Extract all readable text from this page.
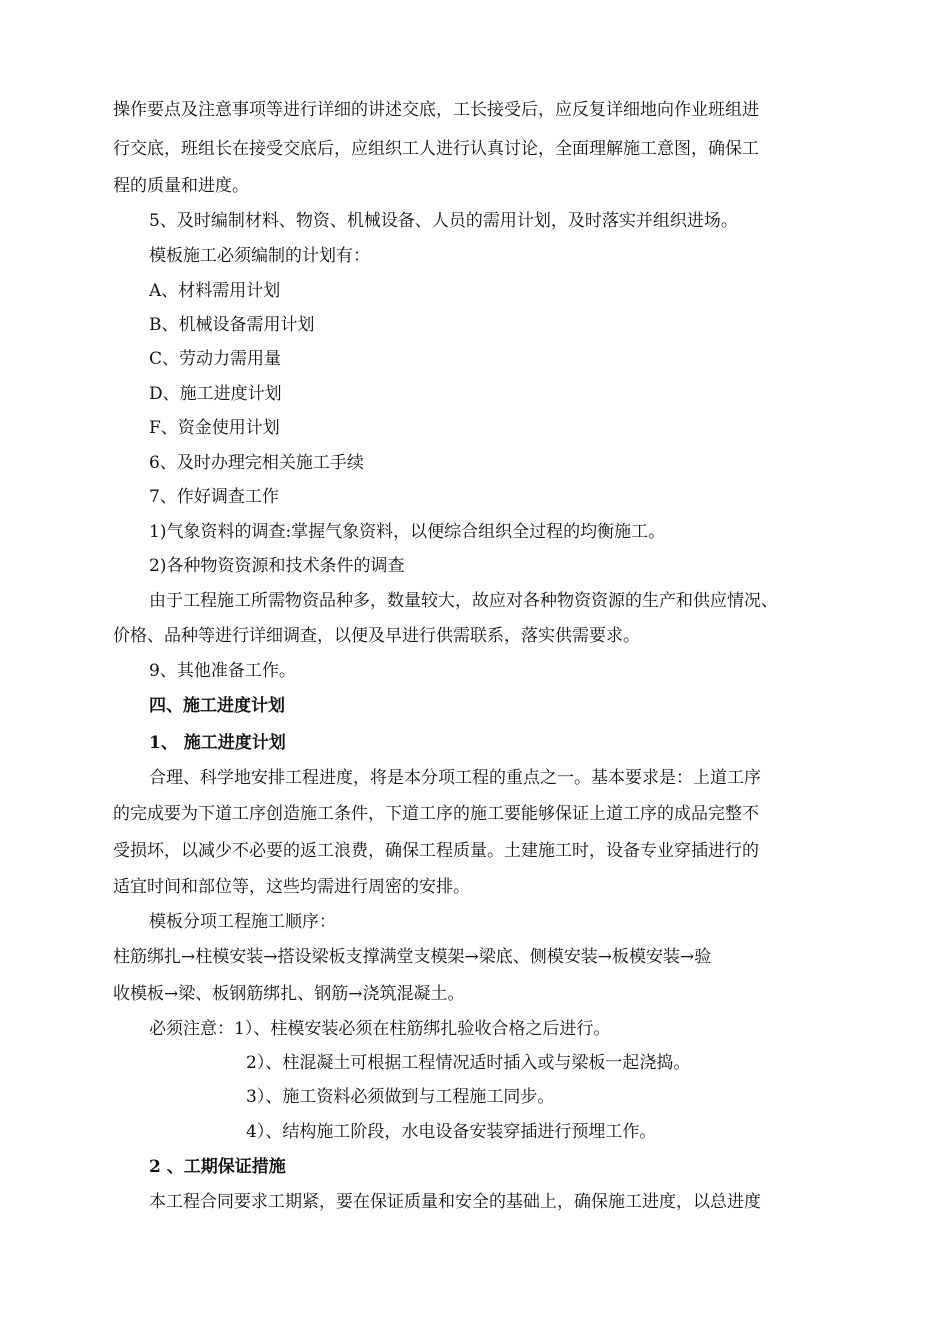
操作要点及注意事项等进行详细的讲述交底，工长接受后，应反复详细地向作业班组进
行交底，班组长在接受交底后，应组织工人进行认真讨论，全面理解施工意图，确保工
程的质量和进度。
5、及时编制材料、物资、机械设备、人员的需用计划，及时落实并组织进场。
模板施工必须编制的计划有：
A、材料需用计划
B、机械设备需用计划
C、劳动力需用量
D、施工进度计划
F、资金使用计划
6、及时办理完相关施工手续
7、作好调查工作
1)气象资料的调查:掌握气象资料，以便综合组织全过程的均衡施工。
2)各种物资资源和技术条件的调查
由于工程施工所需物资品种多，数量较大，故应对各种物资资源的生产和供应情况、
价格、品种等进行详细调查，以便及早进行供需联系，落实供需要求。
9、其他准备工作。
四、施工进度计划
1、 施工进度计划
合理、科学地安排工程进度，将是本分项工程的重点之一。基本要求是：上道工序
的完成要为下道工序创造施工条件，下道工序的施工要能够保证上道工序的成品完整不
受损坏，以减少不必要的返工浪费，确保工程质量。土建施工时，设备专业穿插进行的
适宜时间和部位等，这些均需进行周密的安排。
模板分项工程施工顺序：
柱筋绑扎→柱模安装→搭设梁板支撑满堂支模架→梁底、侧模安装→板模安装→验
收模板→梁、板钢筋绑扎、钢筋→浇筑混凝土。
必须注意：1）、柱模安装必须在柱筋绑扎验收合格之后进行。
2）、柱混凝土可根据工程情况适时插入或与梁板一起浇捣。
3）、施工资料必须做到与工程施工同步。
4）、结构施工阶段，水电设备安装穿插进行预埋工作。
2 、工期保证措施
本工程合同要求工期紧，要在保证质量和安全的基础上，确保施工进度，以总进度
